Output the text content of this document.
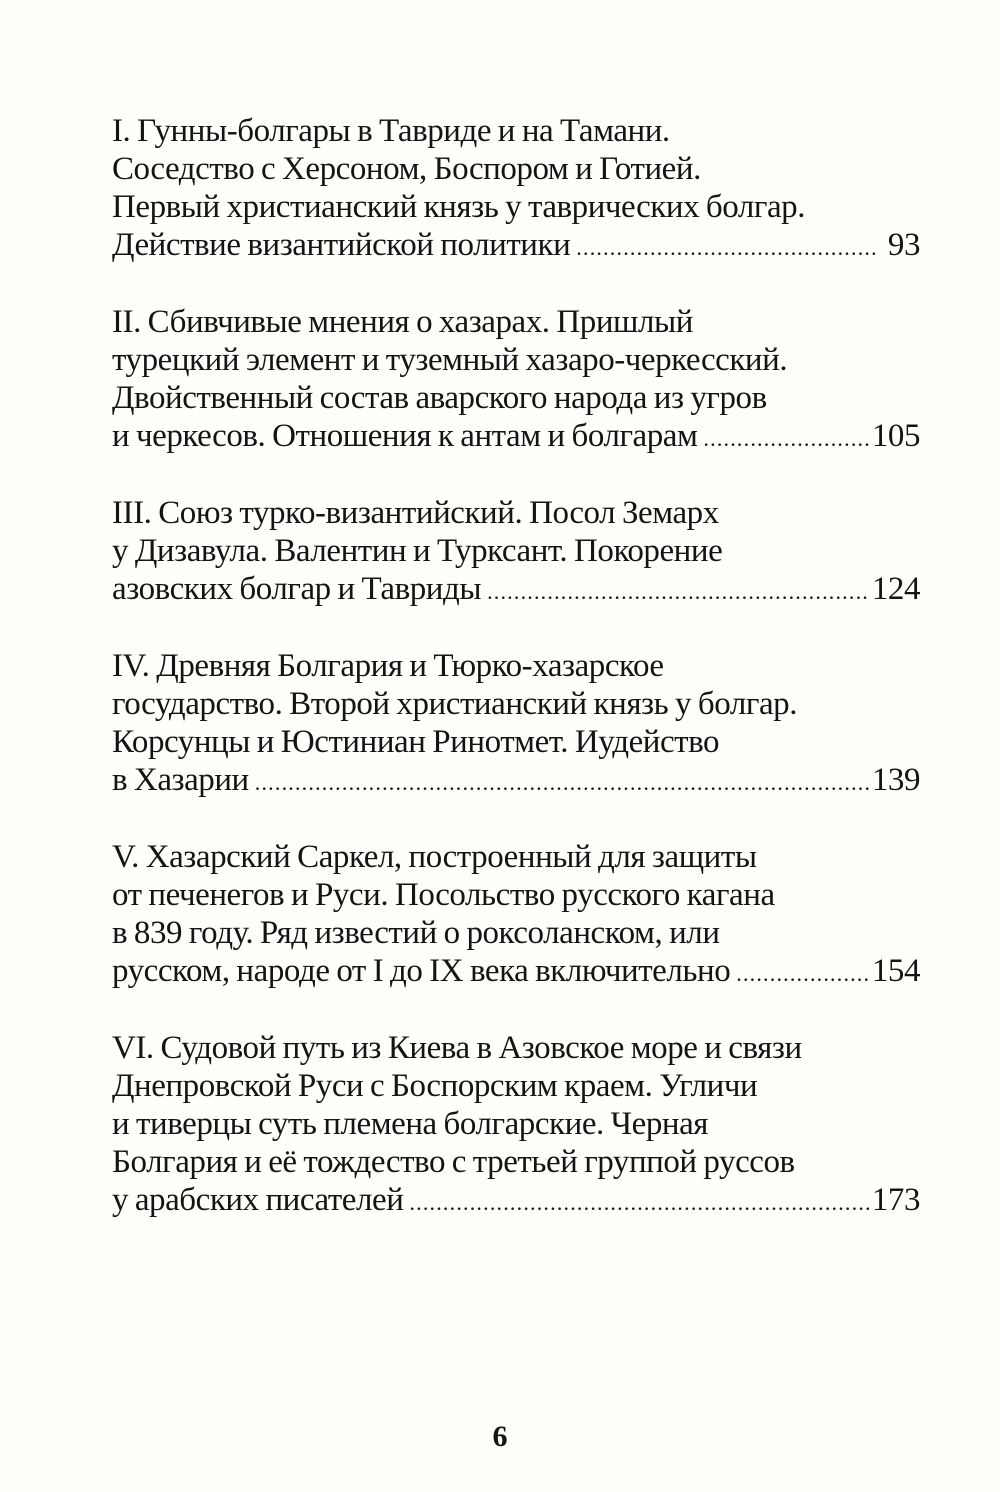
I. Гунны-болгары в Тавриде и на Тамани.
Соседство с Херсоном, Боспором и Готией.
Первый христианский князь у таврических болгар.
Действие византийской политики .....	93
II. Сбивчивые мнения о хазарах. Пришлый
турецкий элемент и туземный хазаро-черкесский.
Двойственный состав аварского народа из угров
и черкесов. Отношения к антам и болгарам .....	105
III. Союз турко-византийский. Посол Земарх
у Дизавула. Валентин и Турксант. Покорение
азовских болгар и Тавриды .....	124
IV. Древняя Болгария и Тюрко-хазарское
государство. Второй христианский князь у болгар.
Корсунцы и Юстиниан Ринотмет. Иудейство
в Хазарии .....	139
V. Хазарский Саркел, построенный для защиты
от печенегов и Руси. Посольство русского кагана
в 839 году. Ряд известий о роксоланском, или
русском, народе от I до IX века включительно .....	154
VI. Судовой путь из Киева в Азовское море и связи
Днепровской Руси с Боспорским краем. Угличи
и тиверцы суть племена болгарские. Черная
Болгария и её тождество с третьей группой руссов
у арабских писателей .....	173
6
